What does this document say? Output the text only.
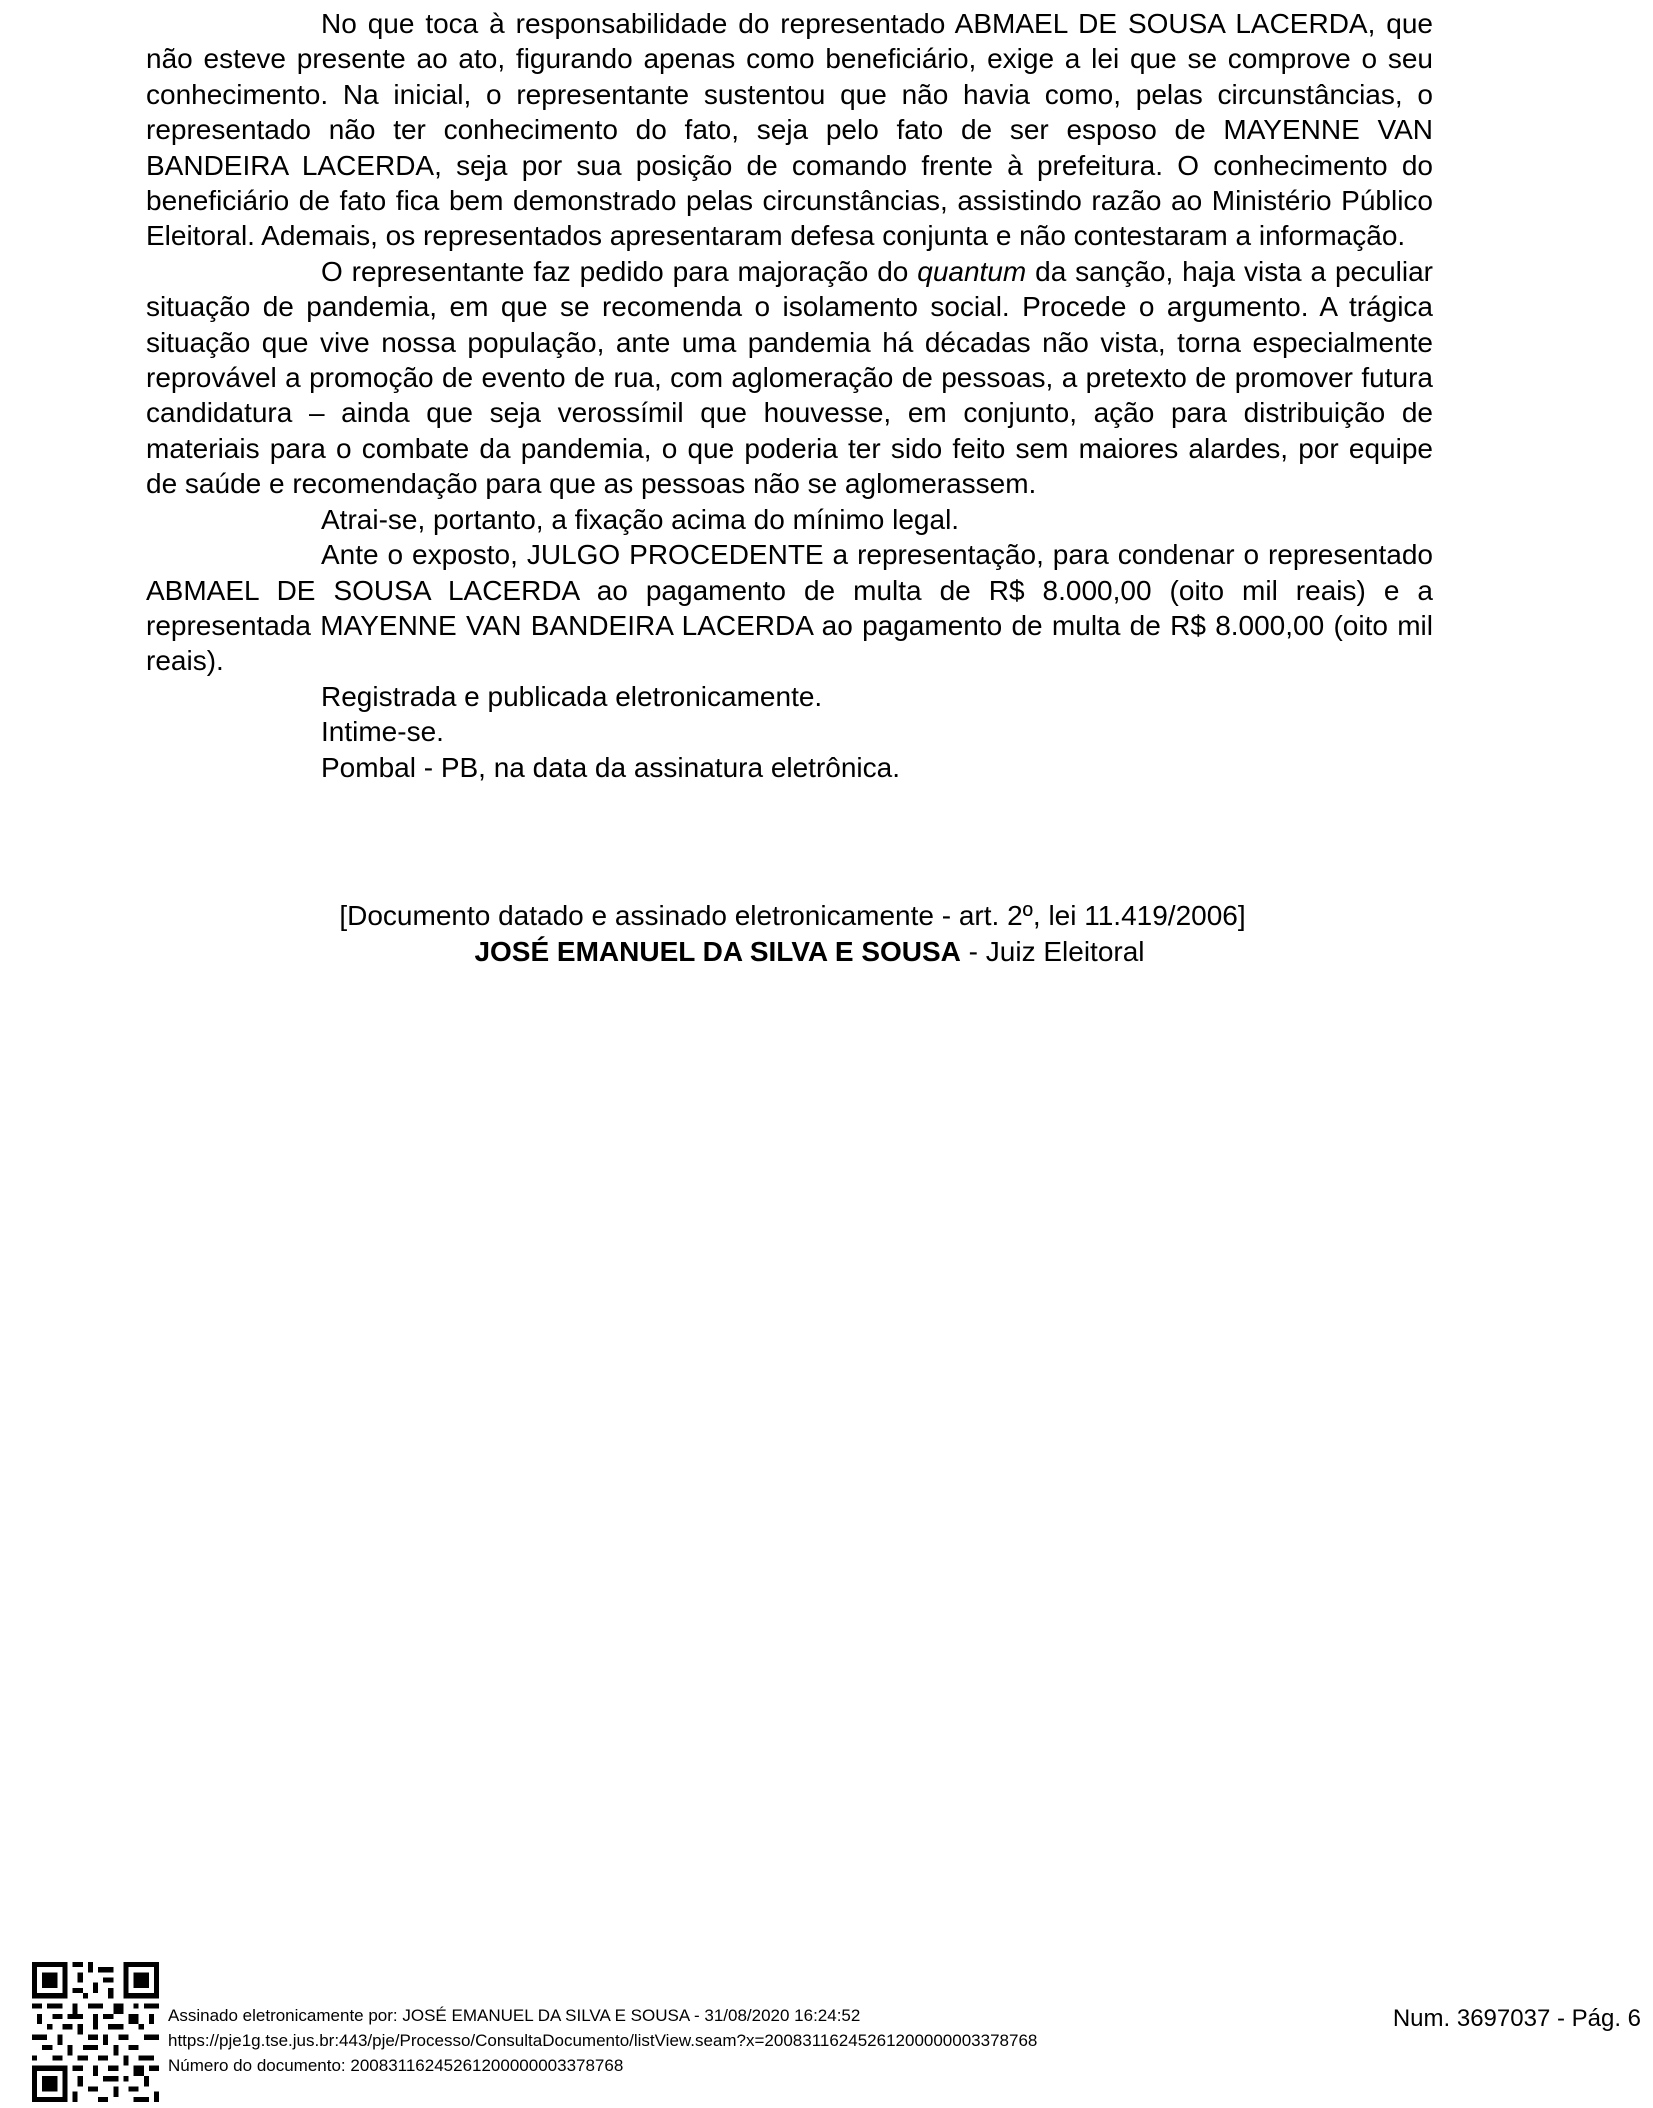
No que toca à responsabilidade do representado ABMAEL DE SOUSA LACERDA, que não esteve presente ao ato, figurando apenas como beneficiário, exige a lei que se comprove o seu conhecimento. Na inicial, o representante sustentou que não havia como, pelas circunstâncias, o representado não ter conhecimento do fato, seja pelo fato de ser esposo de MAYENNE VAN BANDEIRA LACERDA, seja por sua posição de comando frente à prefeitura. O conhecimento do beneficiário de fato fica bem demonstrado pelas circunstâncias, assistindo razão ao Ministério Público Eleitoral. Ademais, os representados apresentaram defesa conjunta e não contestaram a informação.

O representante faz pedido para majoração do quantum da sanção, haja vista a peculiar situação de pandemia, em que se recomenda o isolamento social. Procede o argumento. A trágica situação que vive nossa população, ante uma pandemia há décadas não vista, torna especialmente reprovável a promoção de evento de rua, com aglomeração de pessoas, a pretexto de promover futura candidatura – ainda que seja verossímil que houvesse, em conjunto, ação para distribuição de materiais para o combate da pandemia, o que poderia ter sido feito sem maiores alardes, por equipe de saúde e recomendação para que as pessoas não se aglomerassem.

Atrai-se, portanto, a fixação acima do mínimo legal.

Ante o exposto, JULGO PROCEDENTE a representação, para condenar o representado ABMAEL DE SOUSA LACERDA ao pagamento de multa de R$ 8.000,00 (oito mil reais) e a representada MAYENNE VAN BANDEIRA LACERDA ao pagamento de multa de R$ 8.000,00 (oito mil reais).

Registrada e publicada eletronicamente.

Intime-se.

Pombal - PB, na data da assinatura eletrônica.

[Documento datado e assinado eletronicamente - art. 2º, lei 11.419/2006]
JOSÉ EMANUEL DA SILVA E SOUSA - Juiz Eleitoral
Assinado eletronicamente por: JOSÉ EMANUEL DA SILVA E SOUSA - 31/08/2020 16:24:52
https://pje1g.tse.jus.br:443/pje/Processo/ConsultaDocumento/listView.seam?x=20083116245261200000003378768
Número do documento: 20083116245261200000003378768
Num. 3697037 - Pág. 6
